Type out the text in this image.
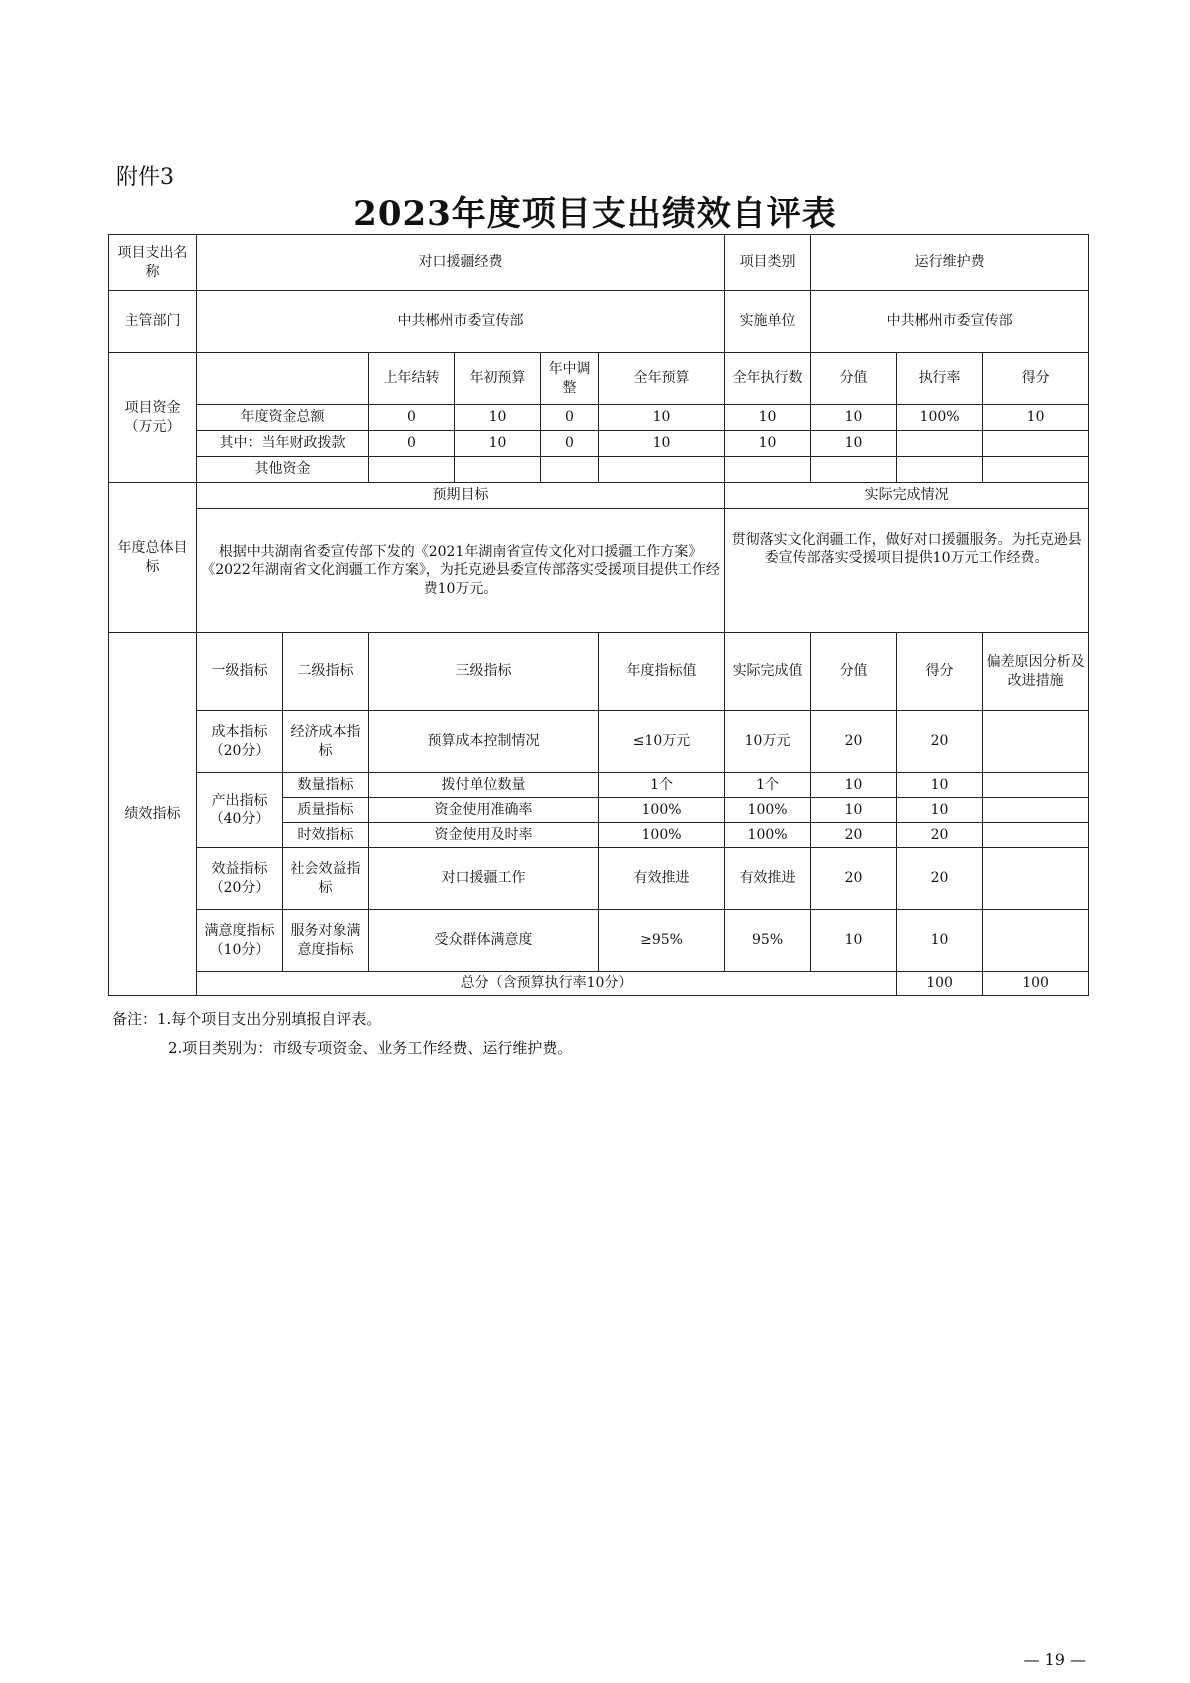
附件3
2023年度项目支出绩效自评表
项目支出名称	对口援疆经费						项目类别	运行维护费			
主管部门	中共郴州市委宣传部						实施单位	中共郴州市委宣传部			
项目资金（万元）			上年结转	年初预算	年中调整	全年预算	全年执行数	分值	执行率	得分	
	年度资金总额		0	10	0	10	10	10	100%	10	
	其中：当年财政拨款		0	10	0	10	10	10			
	其他资金										
年度总体目标	预期目标						实际完成情况				
	根据中共湖南省委宣传部下发的《2021年湖南省宣传文化对口援疆工作方案》《2022年湖南省文化润疆工作方案》，为托克逊县委宣传部落实受援项目提供工作经费10万元。						贯彻落实文化润疆工作，做好对口援疆服务。为托克逊县委宣传部落实受援项目提供10万元工作经费。				
绩效指标	一级指标	二级指标	三级指标			年度指标值	实际完成值	分值	得分	偏差原因分析及改进措施	
	成本指标（20分）	经济成本指标	预算成本控制情况			≤10万元	10万元	20	20		
	产出指标（40分）	数量指标	拨付单位数量			1个	1个	10	10		
		质量指标	资金使用准确率			100%	100%	10	10		
		时效指标	资金使用及时率			100%	100%	20	20		
	效益指标（20分）	社会效益指标	对口援疆工作			有效推进	有效推进	20	20		
	满意度指标（10分）	服务对象满意度指标	受众群体满意度			≥95%	95%	10	10		
	总分（含预算执行率10分）								100	100	
备注：1.每个项目支出分别填报自评表。
2.项目类别为：市级专项资金、业务工作经费、运行维护费。
— 19 —
